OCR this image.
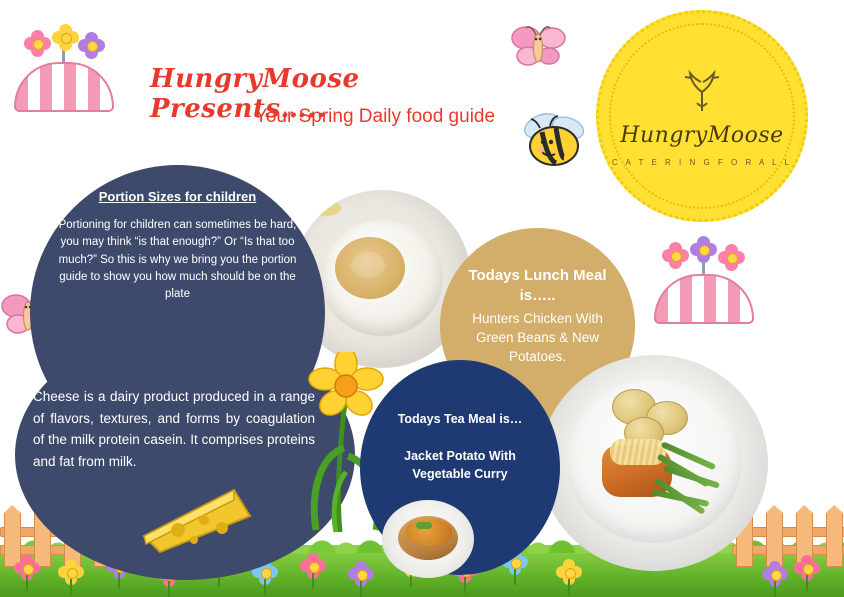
HungryMoose Presents…..
Your Spring Daily food guide
HungryMoose
C A T E R I N G F O R A L L
Portion Sizes for children
Portioning for children can sometimes be hard, you may think “is that enough?” Or “Is that too much?” So this is why we bring you the portion guide to show you how much should be on the plate
Todays Lunch Meal is…..
Hunters Chicken With Green Beans & New Potatoes.
Cheese is a dairy product produced in a range of flavors, textures, and forms by coagulation of the milk protein casein. It comprises proteins and fat from milk.
Todays Tea Meal is…
Jacket Potato With Vegetable Curry
